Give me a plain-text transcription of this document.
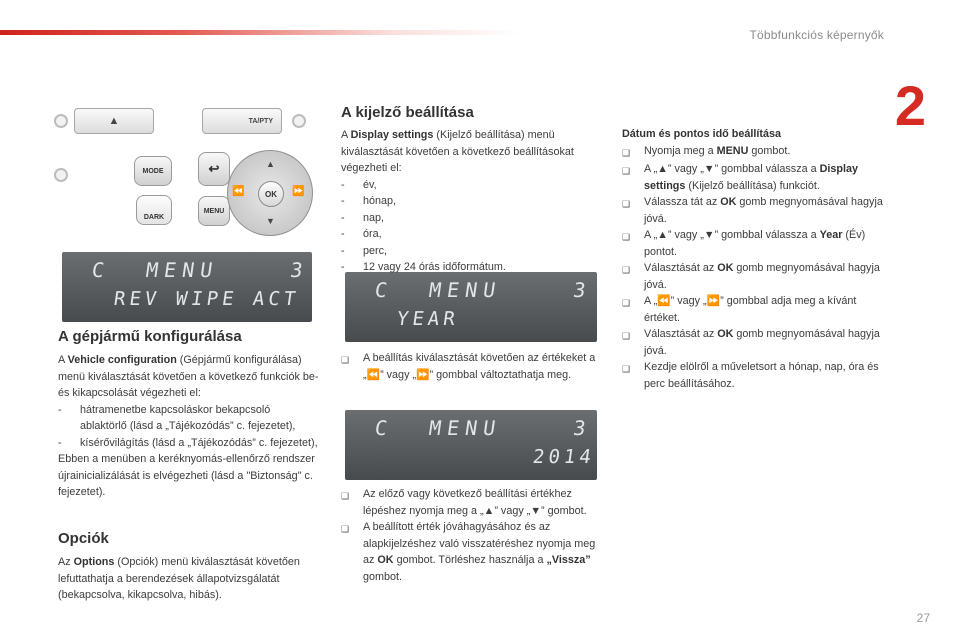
Többfunkciós képernyők
2
27
▲	TA/PTY
MODE
DARK
↩
MENU
▲
▼
⏪	⏩
OK
C  MENU    3
REV WIPE ACT	C  MENU    3
YEAR
C  MENU    3
2014
A gépjármű konfigurálása
A Vehicle configuration (Gépjármű konfigurálása) menü kiválasztását követően a következő funkciók be- és kikapcsolását végezheti el:
-	hátramenetbe kapcsoláskor bekapcsoló ablaktörlő (lásd a „Tájékozódás” c. fejezetet),
-	kísérővilágítás (lásd a „Tájékozódás” c. fejezetet),
Ebben a menüben a keréknyomás-ellenőrző rendszer újrainicializálását is elvégezheti (lásd a "Biztonság" c. fejezetet).
Opciók
Az Options (Opciók) menü kiválasztását követően lefuttathatja a berendezések állapotvizsgálatát (bekapcsolva, kikapcsolva, hibás).
A kijelző beállítása
A Display settings (Kijelző beállítása) menü kiválasztását követően a következő beállításokat végezheti el:
-	év,
-	hónap,
-	nap,
-	óra,
-	perc,
-	12 vagy 24 órás időformátum.
❑	A beállítás kiválasztását követően az értékeket a „⏪” vagy „⏩” gombbal változtathatja meg.
❑	Az előző vagy következő beállítási értékhez lépéshez nyomja meg a „▲” vagy „▼” gombot.
❑	A beállított érték jóváhagyásához és az alapkijelzéshez való visszatéréshez nyomja meg az OK gombot. Törléshez használja a „Vissza” gombot.
Dátum és pontos idő beállítása
❑	Nyomja meg a MENU gombot.
❑	A „▲” vagy „▼” gombbal válassza a Display settings (Kijelző beállítása) funkciót.
❑	Válassza tát az OK gomb megnyomásával hagyja jóvá.
❑	A „▲” vagy „▼” gombbal válassza a Year (Év) pontot.
❑	Választását az OK gomb megnyomásával hagyja jóvá.
❑	A „⏪” vagy „⏩” gombbal adja meg a kívánt értéket.
❑	Választását az OK gomb megnyomásával hagyja jóvá.
❑	Kezdje elölről a műveletsort a hónap, nap, óra és perc beállításához.
